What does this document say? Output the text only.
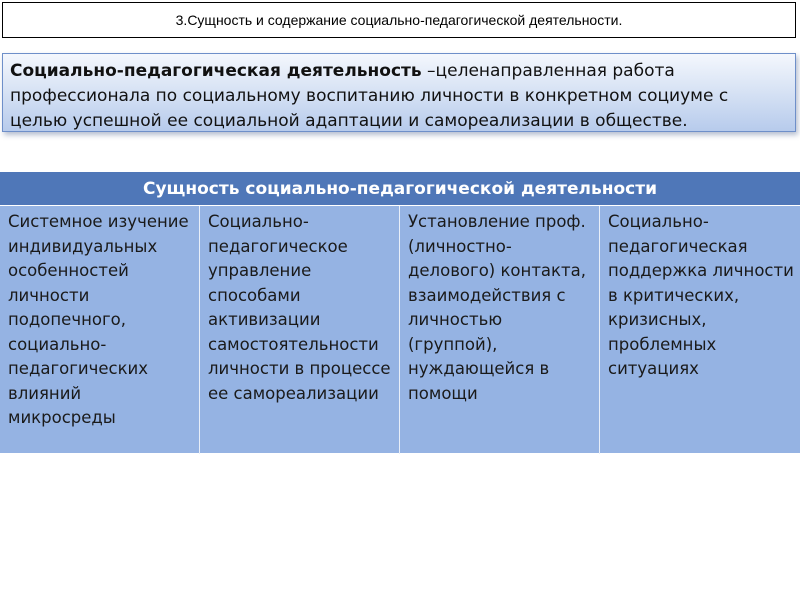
3.Сущность и содержание социально-педагогической деятельности.
Социально-педагогическая деятельность –целенаправленная работа профессионала по социальному воспитанию личности в конкретном социуме с целью успешной ее социальной адаптации и самореализации в обществе.
Сущность социально-педагогической деятельности
Системное изучение индивидуальных особенностей личности подопечного, социально-педагогических влияний микросреды
Социально-педагогическое управление способами активизации самостоятельности личности в процессе ее самореализации
Установление проф. (личностно-делового) контакта, взаимодействия с личностью (группой), нуждающейся в помощи
Социально-педагогическая поддержка личности в критических, кризисных, проблемных ситуациях
